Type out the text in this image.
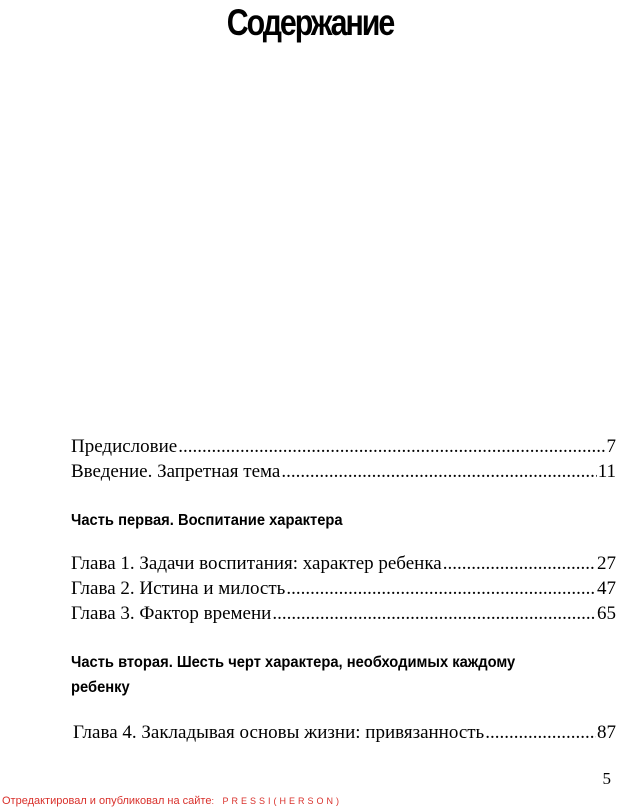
Содержание
Предисловие .....	7
Введение. Запретная тема .....	11
Часть первая. Воспитание характера
Глава 1. Задачи воспитания: характер ребенка .....	27
Глава 2. Истина и милость .....	47
Глава 3. Фактор времени .....	65
Часть вторая. Шесть черт характера, необходимых каждому
ребенку
Глава 4. Закладывая основы жизни: привязанность .....	87
5
Отредактировал и опубликовал на сайте: PRESSI(HERSON)
